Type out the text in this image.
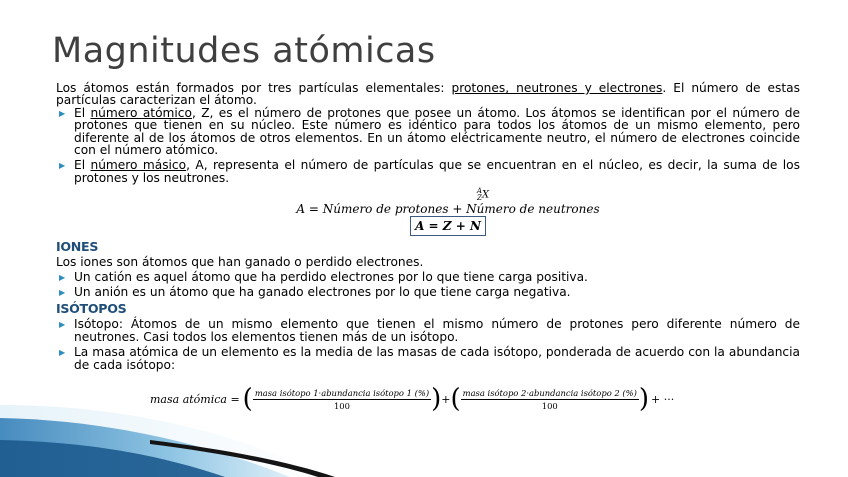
Magnitudes atómicas

Los átomos están formados por tres partículas elementales: protones, neutrones y electrones. El número de estas partículas caracterizan el átomo.

▶ El número atómico, Z, es el número de protones que posee un átomo. Los átomos se identifican por el número de protones que tienen en su núcleo. Este número es idéntico para todos los átomos de un mismo elemento, pero diferente al de los átomos de otros elementos. En un átomo eléctricamente neutro, el número de electrones coincide con el número atómico.
▶ El número másico, A, representa el número de partículas que se encuentran en el núcleo, es decir, la suma de los protones y los neutrones.
A
Z X
A = Número de protones + Número de neutrones
A = Z + N
IONES

Los iones son átomos que han ganado o perdido electrones.

▶ Un catión es aquel átomo que ha perdido electrones por lo que tiene carga positiva.
▶ Un anión es un átomo que ha ganado electrones por lo que tiene carga negativa.
ISÓTOPOS
▶ Isótopo: Átomos de un mismo elemento que tienen el mismo número de protones pero diferente número de neutrones. Casi todos los elementos tienen más de un isótopo.
▶ La masa atómica de un elemento es la media de las masas de cada isótopo, ponderada de acuerdo con la abundancia de cada isótopo:
masa atómica = ( $\frac{\text{masa isótopo 1·abundancia isótopo 1 (\%)}}{100}$ ) + ( $\frac{\text{masa isótopo 2·abundancia isótopo 2 (\%)}}{100}$ ) + ···
